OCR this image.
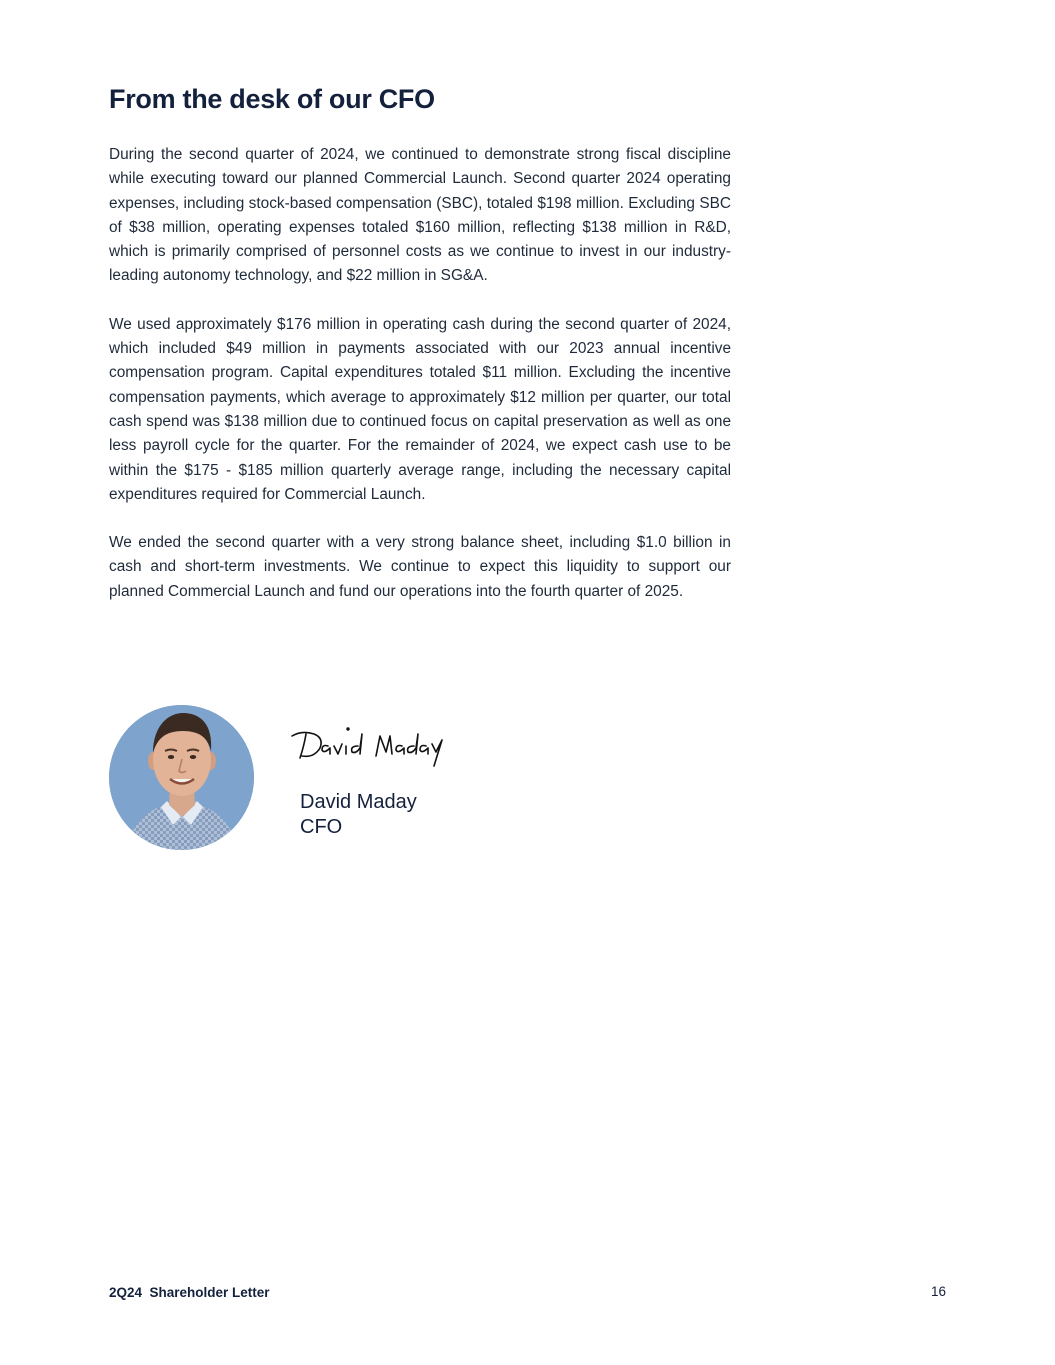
From the desk of our CFO

During the second quarter of 2024, we continued to demonstrate strong fiscal discipline while executing toward our planned Commercial Launch. Second quarter 2024 operating expenses, including stock-based compensation (SBC), totaled $198 million. Excluding SBC of $38 million, operating expenses totaled $160 million, reflecting $138 million in R&D, which is primarily comprised of personnel costs as we continue to invest in our industry-leading autonomy technology, and $22 million in SG&A.

We used approximately $176 million in operating cash during the second quarter of 2024, which included $49 million in payments associated with our 2023 annual incentive compensation program. Capital expenditures totaled $11 million. Excluding the incentive compensation payments, which average to approximately $12 million per quarter, our total cash spend was $138 million due to continued focus on capital preservation as well as one less payroll cycle for the quarter. For the remainder of 2024, we expect cash use to be within the $175 - $185 million quarterly average range, including the necessary capital expenditures required for Commercial Launch.

We ended the second quarter with a very strong balance sheet, including $1.0 billion in cash and short-term investments. We continue to expect this liquidity to support our planned Commercial Launch and fund our operations into the fourth quarter of 2025.

David Maday
CFO
2Q24  Shareholder Letter	16
